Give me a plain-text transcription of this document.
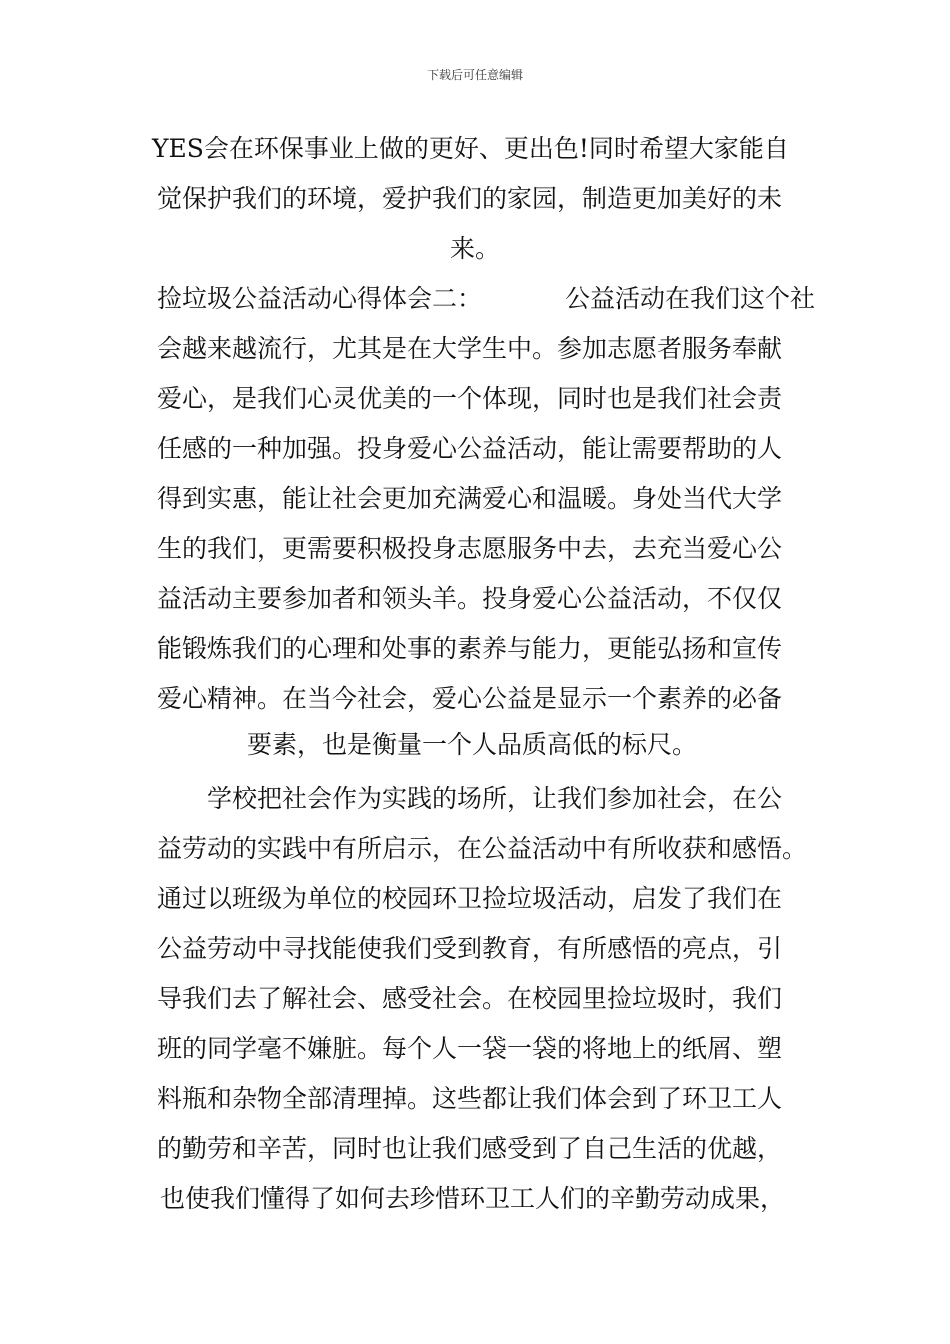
下载后可任意编辑
YES会在环保事业上做的更好、更出色!同时希望大家能自
觉保护我们的环境，爱护我们的家园，制造更加美好的未
来。
捡垃圾公益活动心得体会二：	公益活动在我们这个社
会越来越流行，尤其是在大学生中。参加志愿者服务奉献
爱心，是我们心灵优美的一个体现，同时也是我们社会责
任感的一种加强。投身爱心公益活动，能让需要帮助的人
得到实惠，能让社会更加充满爱心和温暖。身处当代大学
生的我们，更需要积极投身志愿服务中去，去充当爱心公
益活动主要参加者和领头羊。投身爱心公益活动，不仅仅
能锻炼我们的心理和处事的素养与能力，更能弘扬和宣传
爱心精神。在当今社会，爱心公益是显示一个素养的必备
要素，也是衡量一个人品质高低的标尺。
学校把社会作为实践的场所，让我们参加社会，在公
益劳动的实践中有所启示，在公益活动中有所收获和感悟。
通过以班级为单位的校园环卫捡垃圾活动，启发了我们在
公益劳动中寻找能使我们受到教育，有所感悟的亮点，引
导我们去了解社会、感受社会。在校园里捡垃圾时，我们
班的同学毫不嫌脏。每个人一袋一袋的将地上的纸屑、塑
料瓶和杂物全部清理掉。这些都让我们体会到了环卫工人
的勤劳和辛苦，同时也让我们感受到了自己生活的优越，
也使我们懂得了如何去珍惜环卫工人们的辛勤劳动成果，
